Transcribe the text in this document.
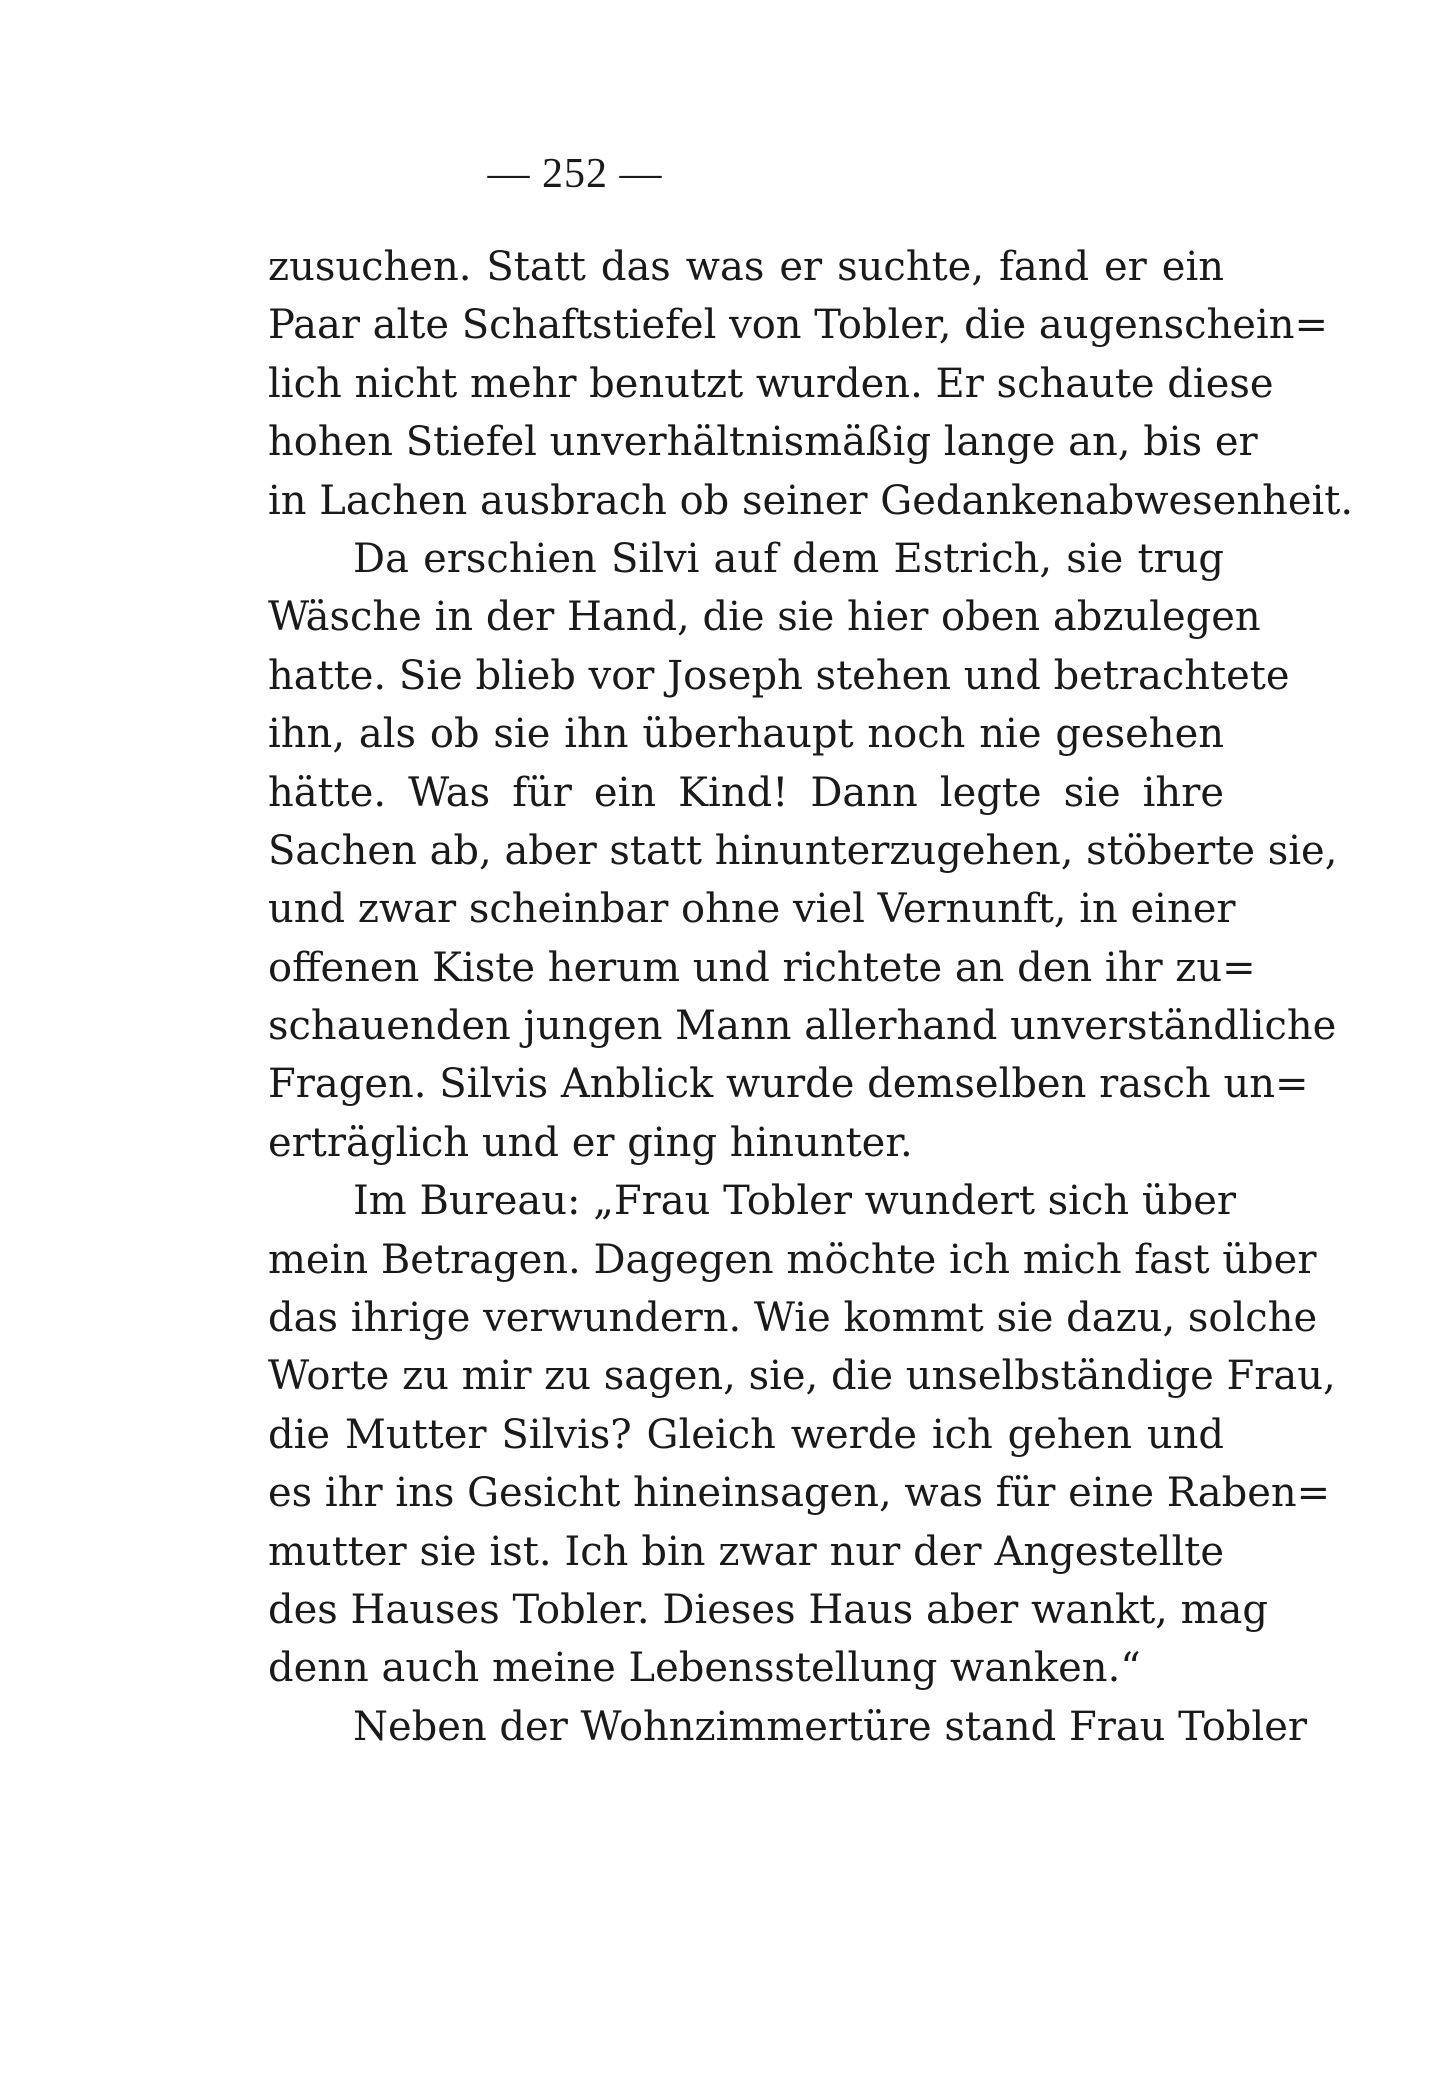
— 252 —
zusuchen. Statt das was er suchte, fand er ein
Paar alte Schaftstiefel von Tobler, die augenschein=
lich nicht mehr benutzt wurden. Er schaute diese
hohen Stiefel unverhältnismäßig lange an, bis er
in Lachen ausbrach ob seiner Gedankenabwesenheit.
Da erschien Silvi auf dem Estrich, sie trug
Wäsche in der Hand, die sie hier oben abzulegen
hatte. Sie blieb vor Joseph stehen und betrachtete
ihn, als ob sie ihn überhaupt noch nie gesehen
hätte. Was für ein Kind! Dann legte sie ihre
Sachen ab, aber statt hinunterzugehen, stöberte sie,
und zwar scheinbar ohne viel Vernunft, in einer
offenen Kiste herum und richtete an den ihr zu=
schauenden jungen Mann allerhand unverständliche
Fragen. Silvis Anblick wurde demselben rasch un=
erträglich und er ging hinunter.
Im Bureau: „Frau Tobler wundert sich über
mein Betragen. Dagegen möchte ich mich fast über
das ihrige verwundern. Wie kommt sie dazu, solche
Worte zu mir zu sagen, sie, die unselbständige Frau,
die Mutter Silvis? Gleich werde ich gehen und
es ihr ins Gesicht hineinsagen, was für eine Raben=
mutter sie ist. Ich bin zwar nur der Angestellte
des Hauses Tobler. Dieses Haus aber wankt, mag
denn auch meine Lebensstellung wanken.“
Neben der Wohnzimmertüre stand Frau Tobler
